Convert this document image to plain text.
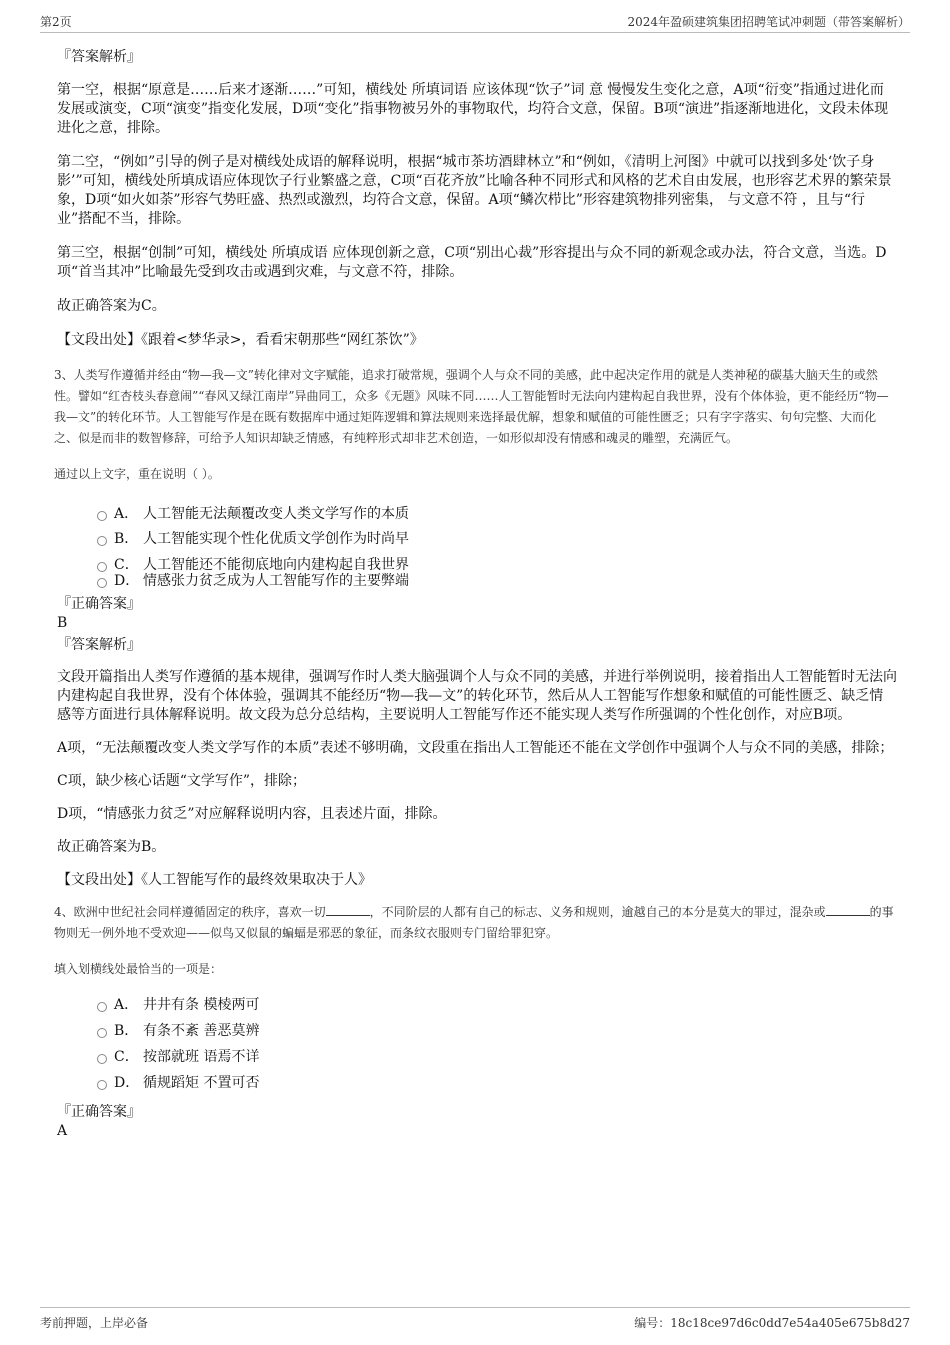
第2页	2024年盈硕建筑集团招聘笔试冲刺题（带答案解析）
『答案解析』
第一空，根据“原意是……后来才逐渐……”可知，横线处 所填词语 应该体现“饮子”词 意 慢慢发生变化之意，A项“衍变”指通过进化而发展或演变，C项“演变”指变化发展，D项“变化”指事物被另外的事物取代，均符合文意，保留。B项“演进”指逐渐地进化，文段未体现进化之意，排除。
第二空，“例如”引导的例子是对横线处成语的解释说明，根据“城市茶坊酒肆林立”和“例如，《清明上河图》中就可以找到多处‘饮子身影’”可知，横线处所填成语应体现饮子行业繁盛之意，C项“百花齐放”比喻各种不同形式和风格的艺术自由发展，也形容艺术界的繁荣景象，D项“如火如荼”形容气势旺盛、热烈或激烈，均符合文意，保留。A项“鳞次栉比”形容建筑物排列密集， 与文意不符 ，且与“行业”搭配不当，排除。
第三空，根据“创制”可知，横线处 所填成语 应体现创新之意，C项“别出心裁”形容提出与众不同的新观念或办法，符合文意，当选。D项“首当其冲”比喻最先受到攻击或遇到灾难，与文意不符，排除。
故正确答案为C。
【文段出处】《跟着<梦华录>，看看宋朝那些“网红茶饮”》
3、人类写作遵循并经由“物—我—文”转化律对文字赋能，追求打破常规，强调个人与众不同的美感，此中起决定作用的就是人类神秘的碳基大脑天生的或然性。譬如“红杏枝头春意闹”“春风又绿江南岸”异曲同工，众多《无题》风味不同……人工智能暂时无法向内建构起自我世界，没有个体体验，更不能经历“物—我—文”的转化环节。人工智能写作是在既有数据库中通过矩阵逻辑和算法规则来选择最优解，想象和赋值的可能性匮乏；只有字字落实、句句完整、大而化之、似是而非的数智修辞，可给予人知识却缺乏情感，有纯粹形式却非艺术创造，一如形似却没有情感和魂灵的雕塑，充满匠气。
通过以上文字，重在说明（ ）。
A． 人工智能无法颠覆改变人类文学写作的本质
B． 人工智能实现个性化优质文学创作为时尚早
C． 人工智能还不能彻底地向内建构起自我世界
D． 情感张力贫乏成为人工智能写作的主要弊端
『正确答案』
B
『答案解析』
文段开篇指出人类写作遵循的基本规律，强调写作时人类大脑强调个人与众不同的美感，并进行举例说明，接着指出人工智能暂时无法向内建构起自我世界，没有个体体验，强调其不能经历“物—我—文”的转化环节，然后从人工智能写作想象和赋值的可能性匮乏、缺乏情感等方面进行具体解释说明。故文段为总分总结构，主要说明人工智能写作还不能实现人类写作所强调的个性化创作，对应B项。
A项，“无法颠覆改变人类文学写作的本质”表述不够明确，文段重在指出人工智能还不能在文学创作中强调个人与众不同的美感，排除；
C项，缺少核心话题“文学写作”，排除；
D项，“情感张力贫乏”对应解释说明内容，且表述片面，排除。
故正确答案为B。
【文段出处】《人工智能写作的最终效果取决于人》
4、欧洲中世纪社会同样遵循固定的秩序，喜欢一切	，不同阶层的人都有自己的标志、义务和规则，逾越自己的本分是莫大的罪过，混杂或	的事物则无一例外地不受欢迎——似鸟又似鼠的蝙蝠是邪恶的象征，而条纹衣服则专门留给罪犯穿。
填入划横线处最恰当的一项是：
A． 井井有条 模棱两可
B． 有条不紊 善恶莫辨
C． 按部就班 语焉不详
D． 循规蹈矩 不置可否
『正确答案』
A
考前押题，上岸必备	编号：18c18ce97d6c0dd7e54a405e675b8d27
